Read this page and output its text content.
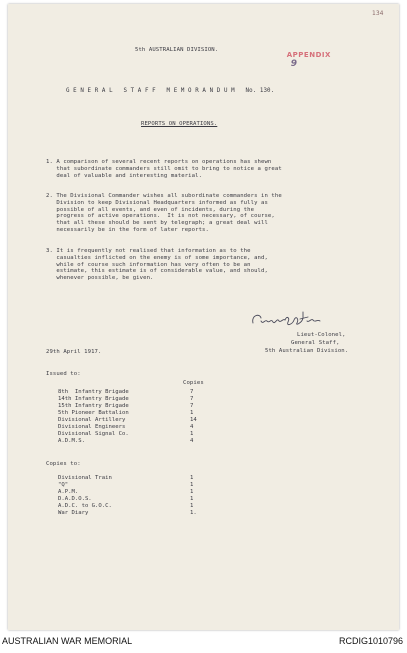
134

APPENDIX
9

5th AUSTRALIAN DIVISION.
G E N E R A L   S T A F F   M E M O R A N D U M   No. 130.
REPORTS ON OPERATIONS.
1. A comparison of several recent reports on operations has shewn
that subordinate commanders still omit to bring to notice a great
deal of valuable and interesting material.
2. The Divisional Commander wishes all subordinate commanders in the
Division to keep Divisional Headquarters informed as fully as
possible of all events, and even of incidents, during the
progress of active operations.  It is not necessary, of course,
that all these should be sent by telegraph; a great deal will
necessarily be in the form of later reports.
3. It is frequently not realised that information as to the
casualties inflicted on the enemy is of some importance, and,
while of course such information has very often to be an
estimate, this estimate is of considerable value, and should,
whenever possible, be given.
Lieut-Colonel,
General Staff,
5th Australian Division.
29th April 1917.
Issued to:
Copies
8th  Infantry Brigade	7
14th Infantry Brigade	7
15th Infantry Brigade	7
5th Pioneer Battalion	1
Divisional Artillery	14
Divisional Engineers	4
Divisional Signal Co.	1
A.D.M.S.	4
Copies to:
Divisional Train	1
"Q"	1
A.P.M.	1
D.A.D.O.S.	1
A.D.C. to G.O.C.	1
War Diary	1.
AUSTRALIAN WAR MEMORIAL	RCDIG1010796
